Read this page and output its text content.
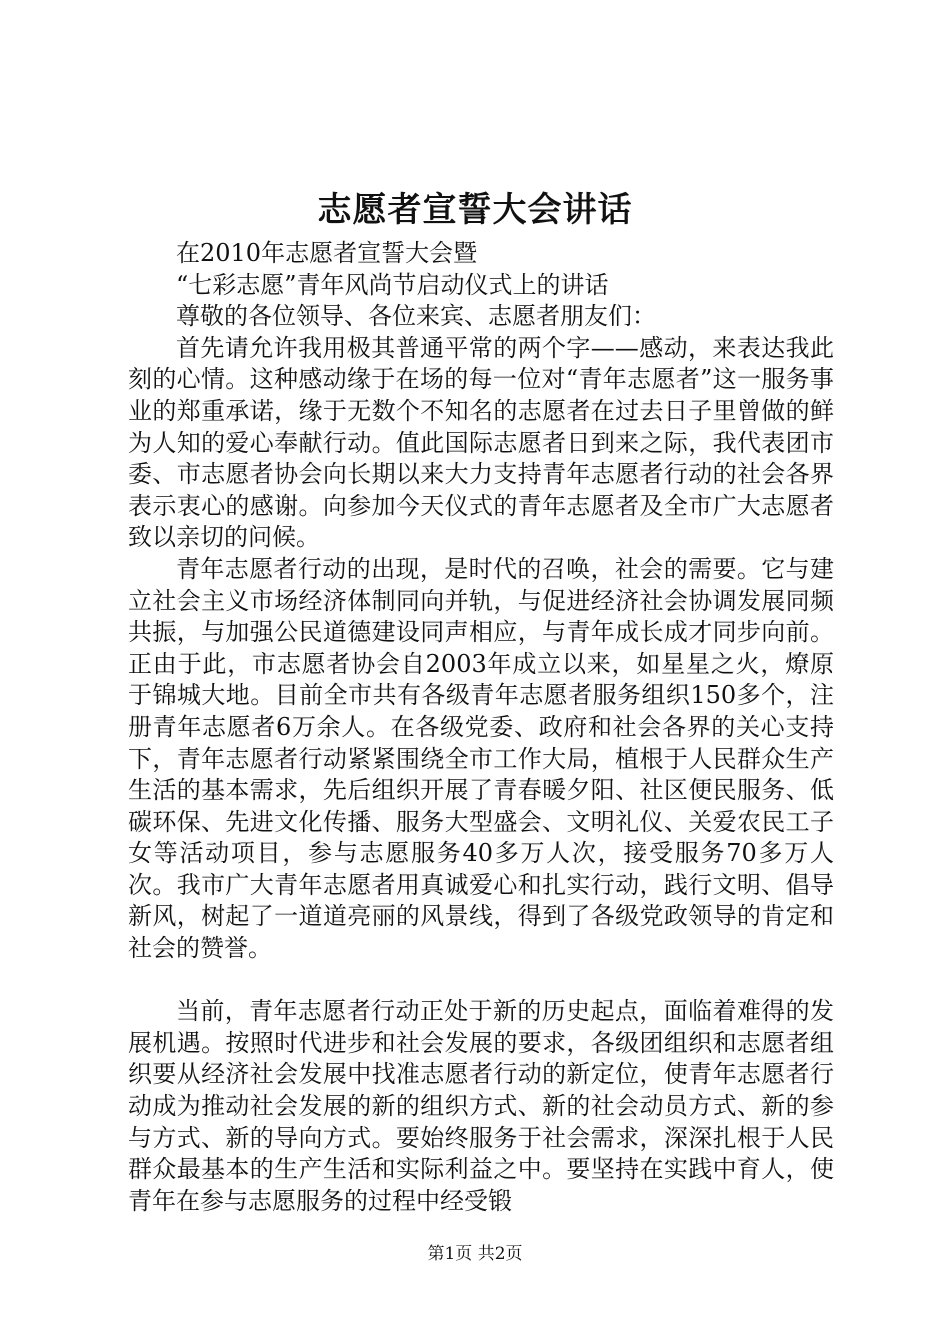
志愿者宣誓大会讲话

在2010年志愿者宣誓大会暨

“七彩志愿”青年风尚节启动仪式上的讲话

尊敬的各位领导、各位来宾、志愿者朋友们：

首先请允许我用极其普通平常的两个字——感动，来表达我此刻的心情。这种感动缘于在场的每一位对“青年志愿者”这一服务事业的郑重承诺，缘于无数个不知名的志愿者在过去日子里曾做的鲜为人知的爱心奉献行动。值此国际志愿者日到来之际，我代表团市委、市志愿者协会向长期以来大力支持青年志愿者行动的社会各界表示衷心的感谢。向参加今天仪式的青年志愿者及全市广大志愿者致以亲切的问候。

青年志愿者行动的出现，是时代的召唤，社会的需要。它与建立社会主义市场经济体制同向并轨，与促进经济社会协调发展同频共振，与加强公民道德建设同声相应，与青年成长成才同步向前。正由于此，市志愿者协会自2003年成立以来，如星星之火，燎原于锦城大地。目前全市共有各级青年志愿者服务组织150多个，注册青年志愿者6万余人。在各级党委、政府和社会各界的关心支持下，青年志愿者行动紧紧围绕全市工作大局，植根于人民群众生产生活的基本需求，先后组织开展了青春暖夕阳、社区便民服务、低碳环保、先进文化传播、服务大型盛会、文明礼仪、关爱农民工子女等活动项目，参与志愿服务40多万人次，接受服务70多万人次。我市广大青年志愿者用真诚爱心和扎实行动，践行文明、倡导新风，树起了一道道亮丽的风景线，得到了各级党政领导的肯定和社会的赞誉。

当前，青年志愿者行动正处于新的历史起点，面临着难得的发展机遇。按照时代进步和社会发展的要求，各级团组织和志愿者组织要从经济社会发展中找准志愿者行动的新定位，使青年志愿者行动成为推动社会发展的新的组织方式、新的社会动员方式、新的参与方式、新的导向方式。要始终服务于社会需求，深深扎根于人民群众最基本的生产生活和实际利益之中。要坚持在实践中育人，使青年在参与志愿服务的过程中经受锻

第1页 共2页
